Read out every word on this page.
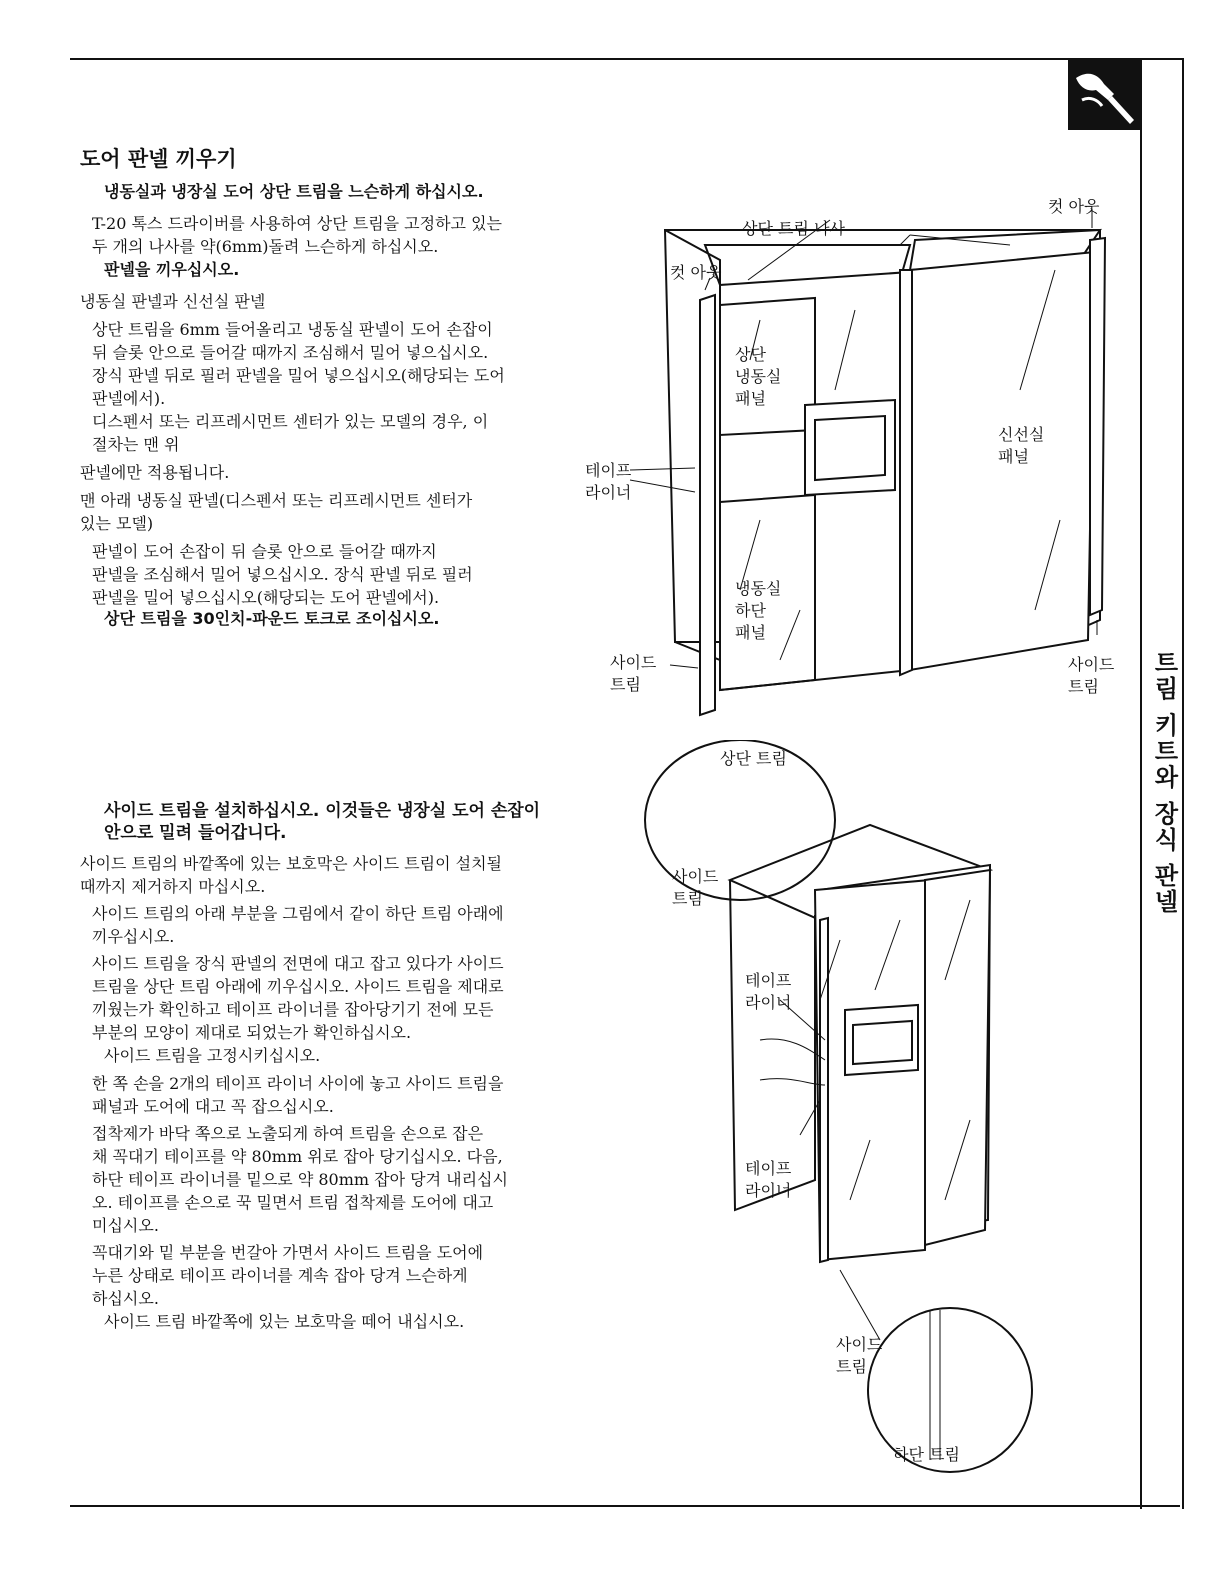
트림 키트와 장식 판넬
도어 판넬 끼우기
냉동실과 냉장실 도어 상단 트림을 느슨하게 하십시오.
T-20 톡스 드라이버를 사용하여 상단 트림을 고정하고 있는
두 개의 나사를 약(6mm)돌려 느슨하게 하십시오.
판넬을 끼우십시오.
냉동실 판넬과 신선실 판넬
상단 트림을 6mm 들어올리고 냉동실 판넬이 도어 손잡이
뒤 슬롯 안으로 들어갈 때까지 조심해서 밀어 넣으십시오.
장식 판넬 뒤로 필러 판넬을 밀어 넣으십시오(해당되는 도어
판넬에서).
디스펜서 또는 리프레시먼트 센터가 있는 모델의 경우, 이
절차는 맨 위
판넬에만 적용됩니다.
맨 아래 냉동실 판넬(디스펜서 또는 리프레시먼트 센터가
있는 모델)
판넬이 도어 손잡이 뒤 슬롯 안으로 들어갈 때까지
판넬을 조심해서 밀어 넣으십시오. 장식 판넬 뒤로 필러
판넬을 밀어 넣으십시오(해당되는 도어 판넬에서).
상단 트림을 30인치-파운드 토크로 조이십시오.
사이드 트림을 설치하십시오. 이것들은 냉장실 도어 손잡이
안으로 밀려 들어갑니다.
사이드 트림의 바깥쪽에 있는 보호막은 사이드 트림이 설치될
때까지 제거하지 마십시오.
사이드 트림의 아래 부분을 그림에서 같이 하단 트림 아래에
끼우십시오.
사이드 트림을 장식 판넬의 전면에 대고 잡고 있다가 사이드
트림을 상단 트림 아래에 끼우십시오. 사이드 트림을 제대로
끼웠는가 확인하고 테이프 라이너를 잡아당기기 전에 모든
부분의 모양이 제대로 되었는가 확인하십시오.
사이드 트림을 고정시키십시오.
한 쪽 손을 2개의 테이프 라이너 사이에 놓고 사이드 트림을
패널과 도어에 대고 꼭 잡으십시오.
접착제가 바닥 쪽으로 노출되게 하여 트림을 손으로 잡은
채 꼭대기 테이프를 약 80mm 위로 잡아 당기십시오. 다음,
하단 테이프 라이너를 밑으로 약 80mm 잡아 당겨 내리십시
오. 테이프를 손으로 꾹 밀면서 트림 접착제를 도어에 대고
미십시오.
꼭대기와 밑 부분을 번갈아 가면서 사이드 트림을 도어에
누른 상태로 테이프 라이너를 계속 잡아 당겨 느슨하게
하십시오.
사이드 트림 바깥쪽에 있는 보호막을 떼어 내십시오.
상단 트림 나사
컷 아웃
컷 아웃
상단
냉동실
패널
신선실
패널
테이프
라이너
냉동실
하단
패널
사이드
트림
사이드
트림
상단 트림
사이드
트림
테이프
라이너
테이프
라이너
사이드
트림
하단 트림
